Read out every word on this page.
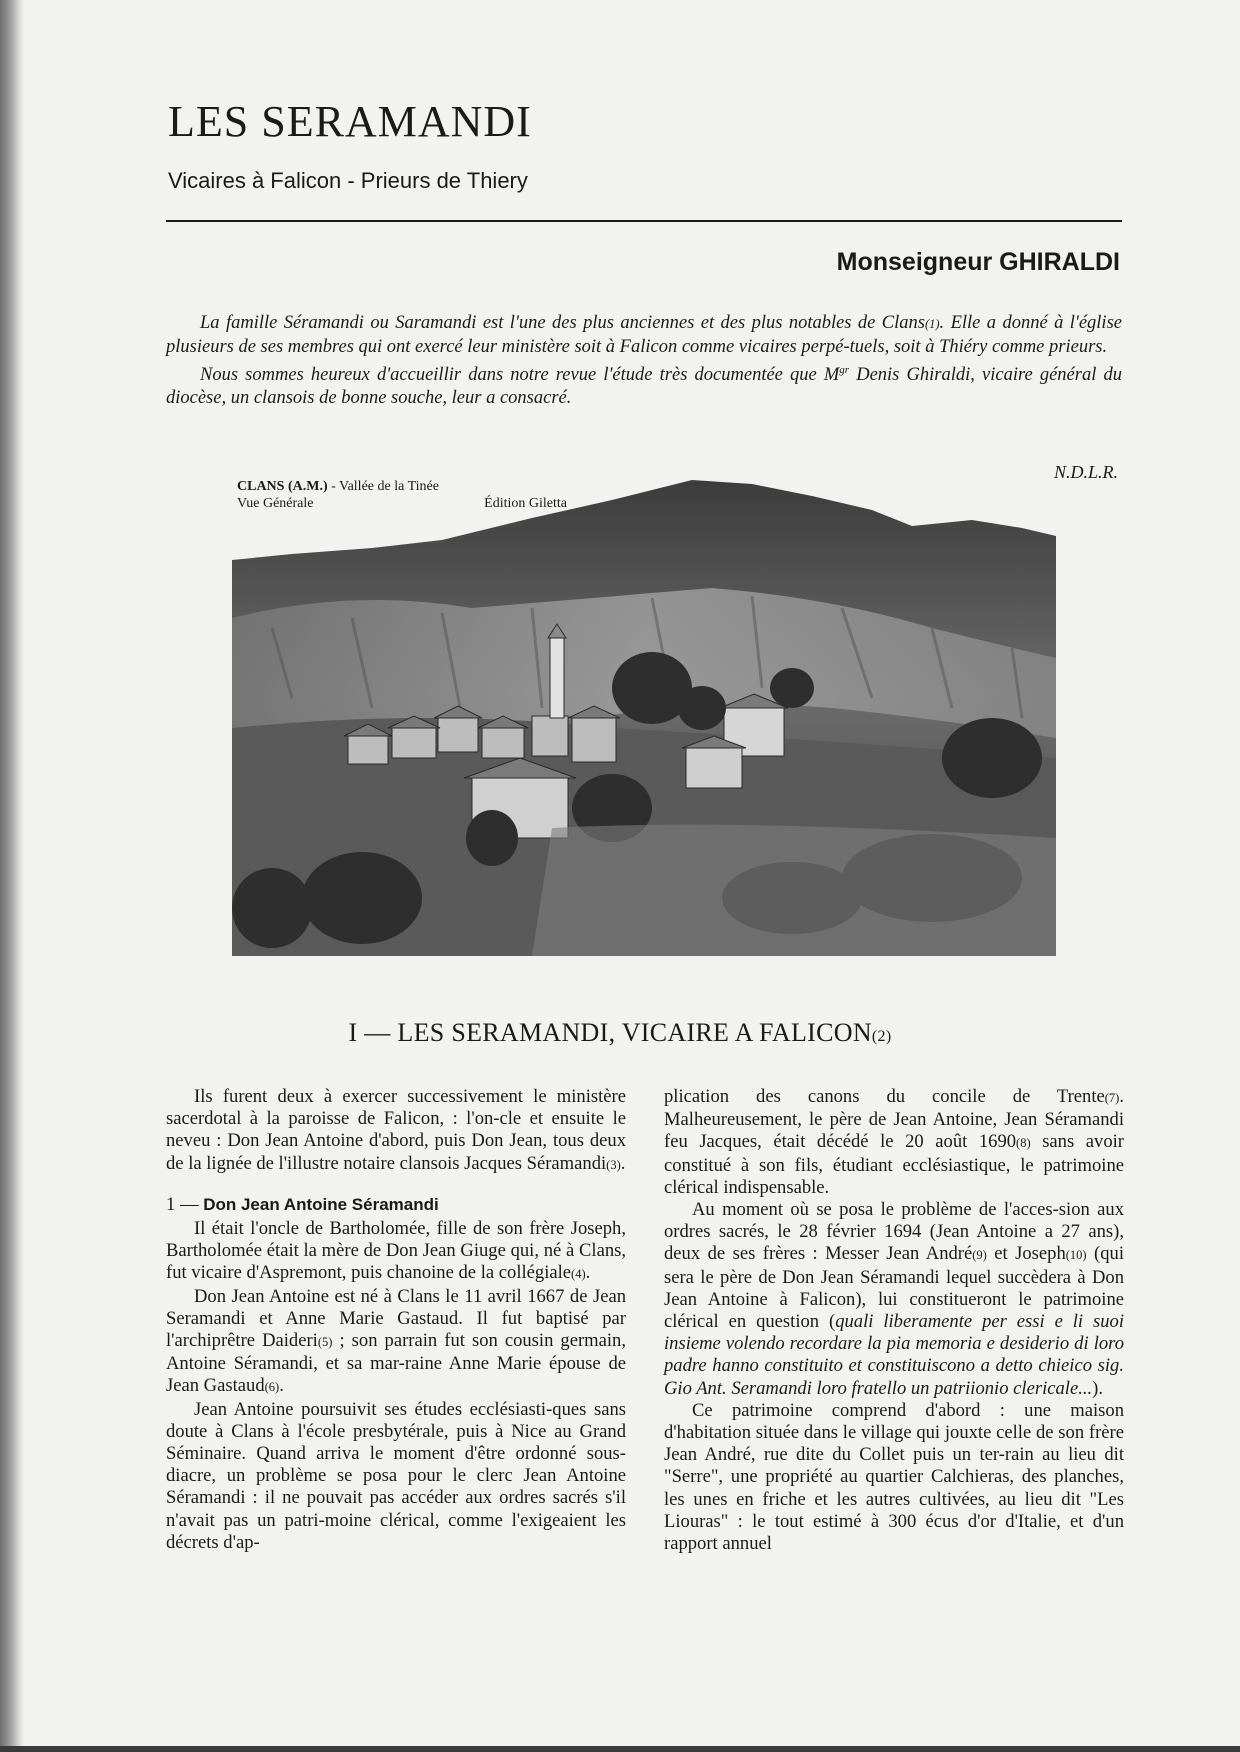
LES SERAMANDI
Vicaires à Falicon - Prieurs de Thiery
Monseigneur GHIRALDI

La famille Séramandi ou Saramandi est l'une des plus anciennes et des plus notables de Clans(1). Elle a donné à l'église plusieurs de ses membres qui ont exercé leur ministère soit à Falicon comme vicaires perpé-tuels, soit à Thiéry comme prieurs.

Nous sommes heureux d'accueillir dans notre revue l'étude très documentée que $M^{gr}$ Denis Ghiraldi, vicaire général du diocèse, un clansois de bonne souche, leur a consacré.

N.D.L.R.
CLANS (A.M.) - Vallée de la Tinée
Vue Générale	Édition Giletta
I — LES SERAMANDI, VICAIRE A FALICON(2)

Ils furent deux à exercer successivement le ministère sacerdotal à la paroisse de Falicon, : l'on-cle et ensuite le neveu : Don Jean Antoine d'abord, puis Don Jean, tous deux de la lignée de l'illustre notaire clansois Jacques Séramandi(3).

1 — Don Jean Antoine Séramandi

Il était l'oncle de Bartholomée, fille de son frère Joseph, Bartholomée était la mère de Don Jean Giuge qui, né à Clans, fut vicaire d'Aspremont, puis chanoine de la collégiale(4).

Don Jean Antoine est né à Clans le 11 avril 1667 de Jean Seramandi et Anne Marie Gastaud. Il fut baptisé par l'archiprêtre Daideri(5) ; son parrain fut son cousin germain, Antoine Séramandi, et sa mar-raine Anne Marie épouse de Jean Gastaud(6).

Jean Antoine poursuivit ses études ecclésiasti-ques sans doute à Clans à l'école presbytérale, puis à Nice au Grand Séminaire. Quand arriva le moment d'être ordonné sous-diacre, un problème se posa pour le clerc Jean Antoine Séramandi : il ne pouvait pas accéder aux ordres sacrés s'il n'avait pas un patri-moine clérical, comme l'exigeaient les décrets d'ap-

plication des canons du concile de Trente(7). Malheureusement, le père de Jean Antoine, Jean Séramandi feu Jacques, était décédé le 20 août 1690(8) sans avoir constitué à son fils, étudiant ecclésiastique, le patrimoine clérical indispensable.

Au moment où se posa le problème de l'acces-sion aux ordres sacrés, le 28 février 1694 (Jean Antoine a 27 ans), deux de ses frères : Messer Jean André(9) et Joseph(10) (qui sera le père de Don Jean Séramandi lequel succèdera à Don Jean Antoine à Falicon), lui constitueront le patrimoine clérical en question (quali liberamente per essi e li suoi insieme volendo recordare la pia memoria e desiderio di loro padre hanno constituito et constituiscono a detto chieico sig. Gio Ant. Seramandi loro fratello un patriionio clericale...).

Ce patrimoine comprend d'abord : une maison d'habitation située dans le village qui jouxte celle de son frère Jean André, rue dite du Collet puis un ter-rain au lieu dit "Serre", une propriété au quartier Calchieras, des planches, les unes en friche et les autres cultivées, au lieu dit "Les Liouras" : le tout estimé à 300 écus d'or d'Italie, et d'un rapport annuel
